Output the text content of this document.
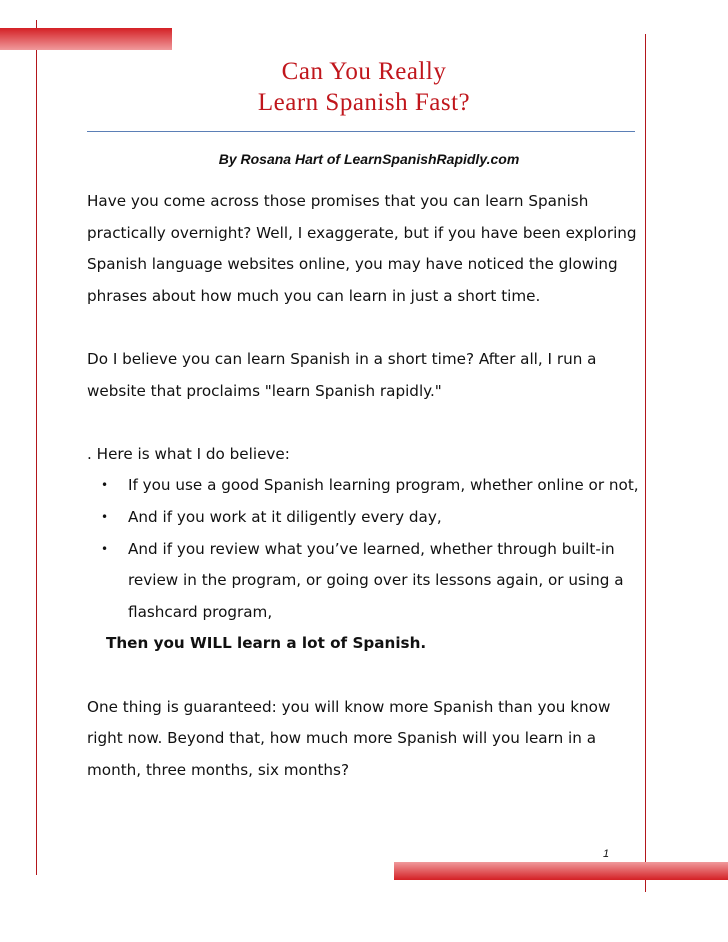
Can You Really
Learn Spanish Fast?
By Rosana Hart of LearnSpanishRapidly.com

Have you come across those promises that you can learn Spanish practically overnight? Well, I exaggerate, but if you have been exploring Spanish language websites online, you may have noticed the glowing phrases about how much you can learn in just a short time.

Do I believe you can learn Spanish in a short time? After all, I run a website that proclaims "learn Spanish rapidly."

. Here is what I do believe:

• If you use a good Spanish learning program, whether online or not,
• And if you work at it diligently every day,
• And if you review what you’ve learned, whether through built-in review in the program, or going over its lessons again, or using a flashcard program,

Then you WILL learn a lot of Spanish.

One thing is guaranteed: you will know more Spanish than you know right now. Beyond that, how much more Spanish will you learn in a month, three months, six months?

1
